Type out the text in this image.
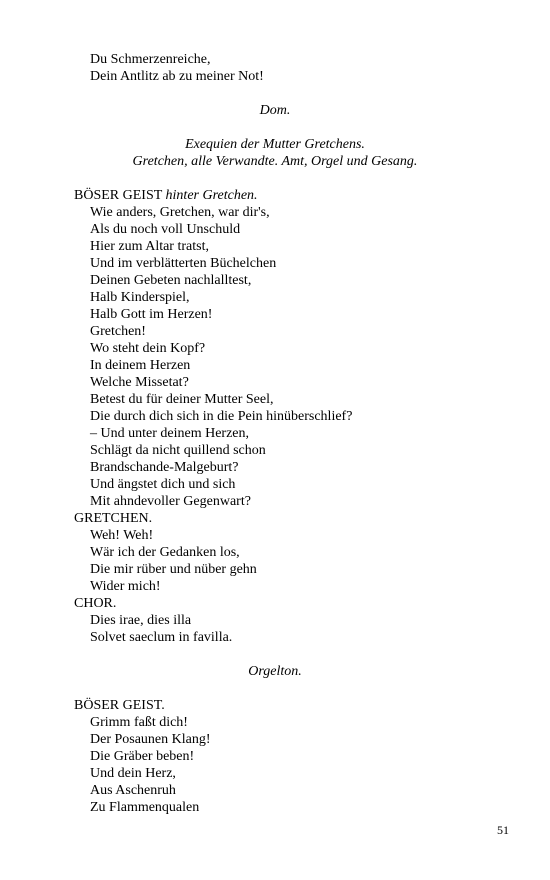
Du Schmerzenreiche,
Dein Antlitz ab zu meiner Not!
Dom.
Exequien der Mutter Gretchens.
Gretchen, alle Verwandte. Amt, Orgel und Gesang.
BÖSER GEIST hinter Gretchen.
Wie anders, Gretchen, war dir's,
Als du noch voll Unschuld
Hier zum Altar tratst,
Und im verblätterten Büchelchen
Deinen Gebeten nachlalltest,
Halb Kinderspiel,
Halb Gott im Herzen!
Gretchen!
Wo steht dein Kopf?
In deinem Herzen
Welche Missetat?
Betest du für deiner Mutter Seel,
Die durch dich sich in die Pein hinüberschlief?
– Und unter deinem Herzen,
Schlägt da nicht quillend schon
Brandschande-Malgeburt?
Und ängstet dich und sich
Mit ahndevoller Gegenwart?
GRETCHEN.
Weh! Weh!
Wär ich der Gedanken los,
Die mir rüber und nüber gehn
Wider mich!
CHOR.
Dies irae, dies illa
Solvet saeclum in favilla.
Orgelton.
BÖSER GEIST.
Grimm faßt dich!
Der Posaunen Klang!
Die Gräber beben!
Und dein Herz,
Aus Aschenruh
Zu Flammenqualen
51
